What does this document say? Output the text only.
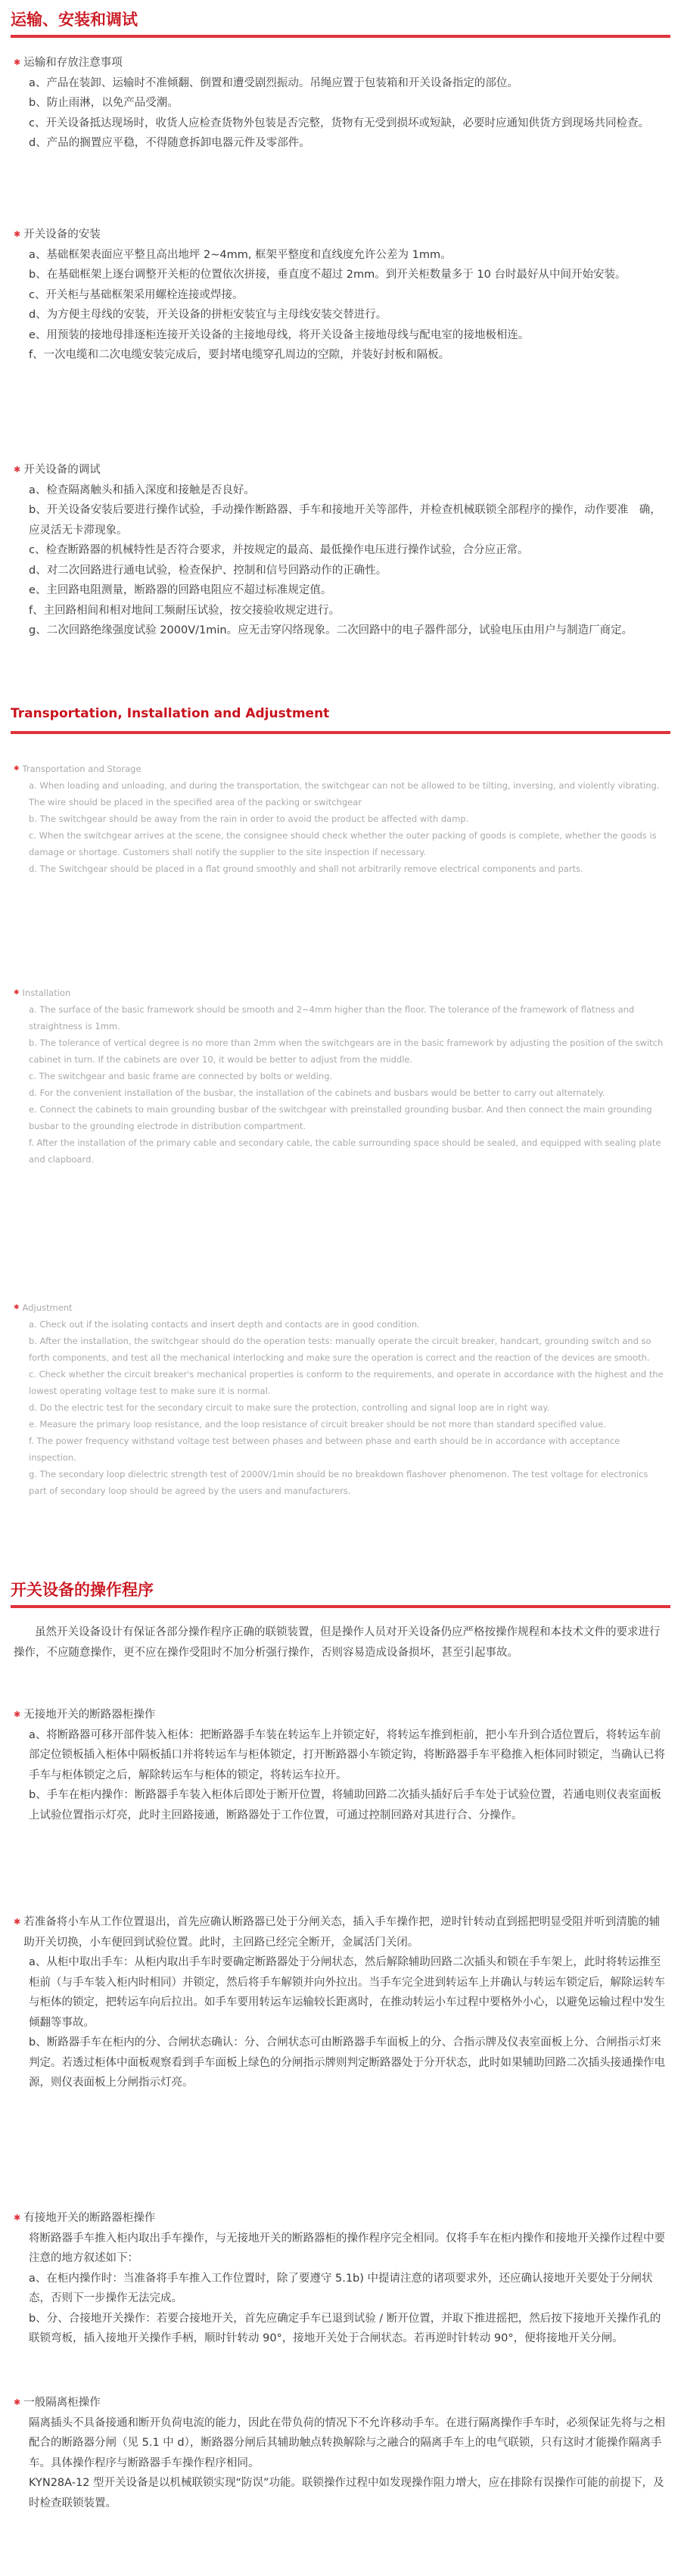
运输、安装和调试
✱ 运输和存放注意事项
a、产品在装卸、运输时不准倾翻、倒置和遭受剧烈振动。吊绳应置于包装箱和开关设备指定的部位。
b、防止雨淋，以免产品受潮。
c、开关设备抵达现场时，收货人应检查货物外包装是否完整，货物有无受到损坏或短缺，必要时应通知供货方到现场共同检查。d、产品的搁置应平稳，不得随意拆卸电器元件及零部件。
✱ 开关设备的安装
a、基础框架表面应平整且高出地坪 2~4mm, 框架平整度和直线度允许公差为 1mm。
b、在基础框架上逐台调整开关柜的位置依次拼接，垂直度不超过 2mm。到开关柜数量多于 10 台时最好从中间开始安装。
c、开关柜与基础框架采用螺栓连接或焊接。
d、为方便主母线的安装，开关设备的拼柜安装宜与主母线安装交替进行。
e、用预装的接地母排逐柜连接开关设备的主接地母线，将开关设备主接地母线与配电室的接地极相连。
f、一次电缆和二次电缆安装完成后，要封堵电缆穿孔周边的空隙，并装好封板和隔板。
✱ 开关设备的调试
a、检查隔离触头和插入深度和接触是否良好。
b、开关设备安装后要进行操作试验，手动操作断路器、手车和接地开关等部件，并检查机械联锁全部程序的操作，动作要准　确，应灵活无卡滞现象。
c、检查断路器的机械特性是否符合要求，并按规定的最高、最低操作电压进行操作试验，合分应正常。
d、对二次回路进行通电试验，检查保护、控制和信号回路动作的正确性。
e、主回路电阻测量，断路器的回路电阻应不超过标准规定值。
f、主回路相间和相对地间工频耐压试验，按交接验收规定进行。
g、二次回路绝缘强度试验 2000V/1min。应无击穿闪络现象。二次回路中的电子器件部分，试验电压由用户与制造厂商定。
Transportation, Installation and Adjustment
✱ Transportation and Storage
a. When loading and unloading, and during the transportation, the switchgear can not be allowed to be tilting, inversing, and violently vibrating. The wire should be placed in the specified area of the packing or switchgear
b. The switchgear should be away from the rain in order to avoid the product be affected with damp.
c. When the switchgear arrives at the scene, the consignee should check whether the outer packing of goods is complete, whether the goods is damage or shortage. Customers shall notify the supplier to the site inspection if necessary.
d. The Switchgear should be placed in a flat ground smoothly and shall not arbitrarily remove electrical components and parts.
✱ Installation
a. The surface of the basic framework should be smooth and 2~4mm higher than the floor. The tolerance of the framework of flatness and straightness is 1mm.
b. The tolerance of vertical degree is no more than 2mm when the switchgears are in the basic framework by adjusting the position of the switch cabinet in turn. If the cabinets are over 10, it would be better to adjust from the middle.
c. The switchgear and basic frame are connected by bolts or welding.
d. For the convenient installation of the busbar, the installation of the cabinets and busbars would be better to carry out alternately.
e. Connect the cabinets to main grounding busbar of the switchgear with preinstalled grounding busbar. And then connect the main grounding busbar to the grounding electrode in distribution compartment.
f. After the installation of the primary cable and secondary cable, the cable surrounding space should be sealed, and equipped with sealing plate and clapboard.
✱ Adjustment
a. Check out if the isolating contacts and insert depth and contacts are in good condition.
b. After the installation, the switchgear should do the operation tests: manually operate the circuit breaker, handcart, grounding switch and so forth components, and test all the mechanical interlocking and make sure the operation is correct and the reaction of the devices are smooth.
c. Check whether the circuit breaker's mechanical properties is conform to the requirements, and operate in accordance with the highest and the lowest operating voltage test to make sure it is normal.
d. Do the electric test for the secondary circuit to make sure the protection, controlling and signal loop are in right way.
e. Measure the primary loop resistance, and the loop resistance of circuit breaker should be not more than standard specified value.
f. The power frequency withstand voltage test between phases and between phase and earth should be in accordance with acceptance inspection.
g. The secondary loop dielectric strength test of 2000V/1min should be no breakdown flashover phenomenon. The test voltage for electronics part of secondary loop should be agreed by the users and manufacturers.
开关设备的操作程序
虽然开关设备设计有保证各部分操作程序正确的联锁装置，但是操作人员对开关设备仍应严格按操作规程和本技术文件的要求进行操作，不应随意操作，更不应在操作受阻时不加分析强行操作，否则容易造成设备损坏，甚至引起事故。
✱ 无接地开关的断路器柜操作
a、将断路器可移开部件装入柜体：把断路器手车装在转运车上并锁定好，将转运车推到柜前，把小车升到合适位置后，将转运车前部定位锁板插入柜体中隔板插口并将转运车与柜体锁定，打开断路器小车锁定钩，将断路器手车平稳推入柜体同时锁定，当确认已将手车与柜体锁定之后，解除转运车与柜体的锁定，将转运车拉开。
b、手车在柜内操作：断路器手车装入柜体后即处于断开位置，将辅助回路二次插头插好后手车处于试验位置，若通电则仪表室面板上试验位置指示灯亮，此时主回路接通，断路器处于工作位置，可通过控制回路对其进行合、分操作。
✱ 若准备将小车从工作位置退出，首先应确认断路器已处于分闸关态，插入手车操作把，逆时针转动直到摇把明显受阻并听到清脆的辅助开关切换，小车便回到试验位置。此时，主回路已经完全断开，金属活门关闭。
a、从柜中取出手车：从柜内取出手车时要确定断路器处于分闸状态，然后解除辅助回路二次插头和锁在手车架上，此时将转运推至柜前（与手车装入柜内时相同）并锁定，然后将手车解锁并向外拉出。当手车完全进到转运车上并确认与转运车锁定后，解除运转车与柜体的锁定，把转运车向后拉出。如手车要用转运车运输较长距离时，在推动转运小车过程中要格外小心，以避免运输过程中发生倾翻等事故。
b、断路器手车在柜内的分、合闸状态确认：分、合闸状态可由断路器手车面板上的分、合指示牌及仪表室面板上分、合闸指示灯来判定。若透过柜体中面板观察看到手车面板上绿色的分闸指示牌则判定断路器处于分开状态，此时如果辅助回路二次插头接通操作电源，则仪表面板上分闸指示灯亮。
✱ 有接地开关的断路器柜操作
将断路器手车推入柜内取出手车操作，与无接地开关的断路器柜的操作程序完全相同。仅将手车在柜内操作和接地开关操作过程中要注意的地方叙述如下：
a、在柜内操作时：当准备将手车推入工作位置时，除了要遵守 5.1b) 中提请注意的诸项要求外，还应确认接地开关要处于分闸状态，否则下一步操作无法完成。
b、分、合接地开关操作：若要合接地开关，首先应确定手车已退到试验 / 断开位置，并取下推进摇把，然后按下接地开关操作孔的联锁弯板，插入接地开关操作手柄，顺时针转动 90°，接地开关处于合闸状态。若再逆时针转动 90°，便将接地开关分闸。
✱ 一般隔离柜操作
隔离插头不具备接通和断开负荷电流的能力，因此在带负荷的情况下不允许移动手车。在进行隔离操作手车时，必须保证先将与之相配合的断路器分闸（见 5.1 中 d），断路器分闸后其辅助触点转换解除与之融合的隔离手车上的电气联锁，只有这时才能操作隔离手车。具体操作程序与断路器手车操作程序相同。
KYN28A-12 型开关设备是以机械联锁实现“防误”功能。联锁操作过程中如发现操作阻力增大，应在排除有误操作可能的前提下，及时检查联锁装置。
